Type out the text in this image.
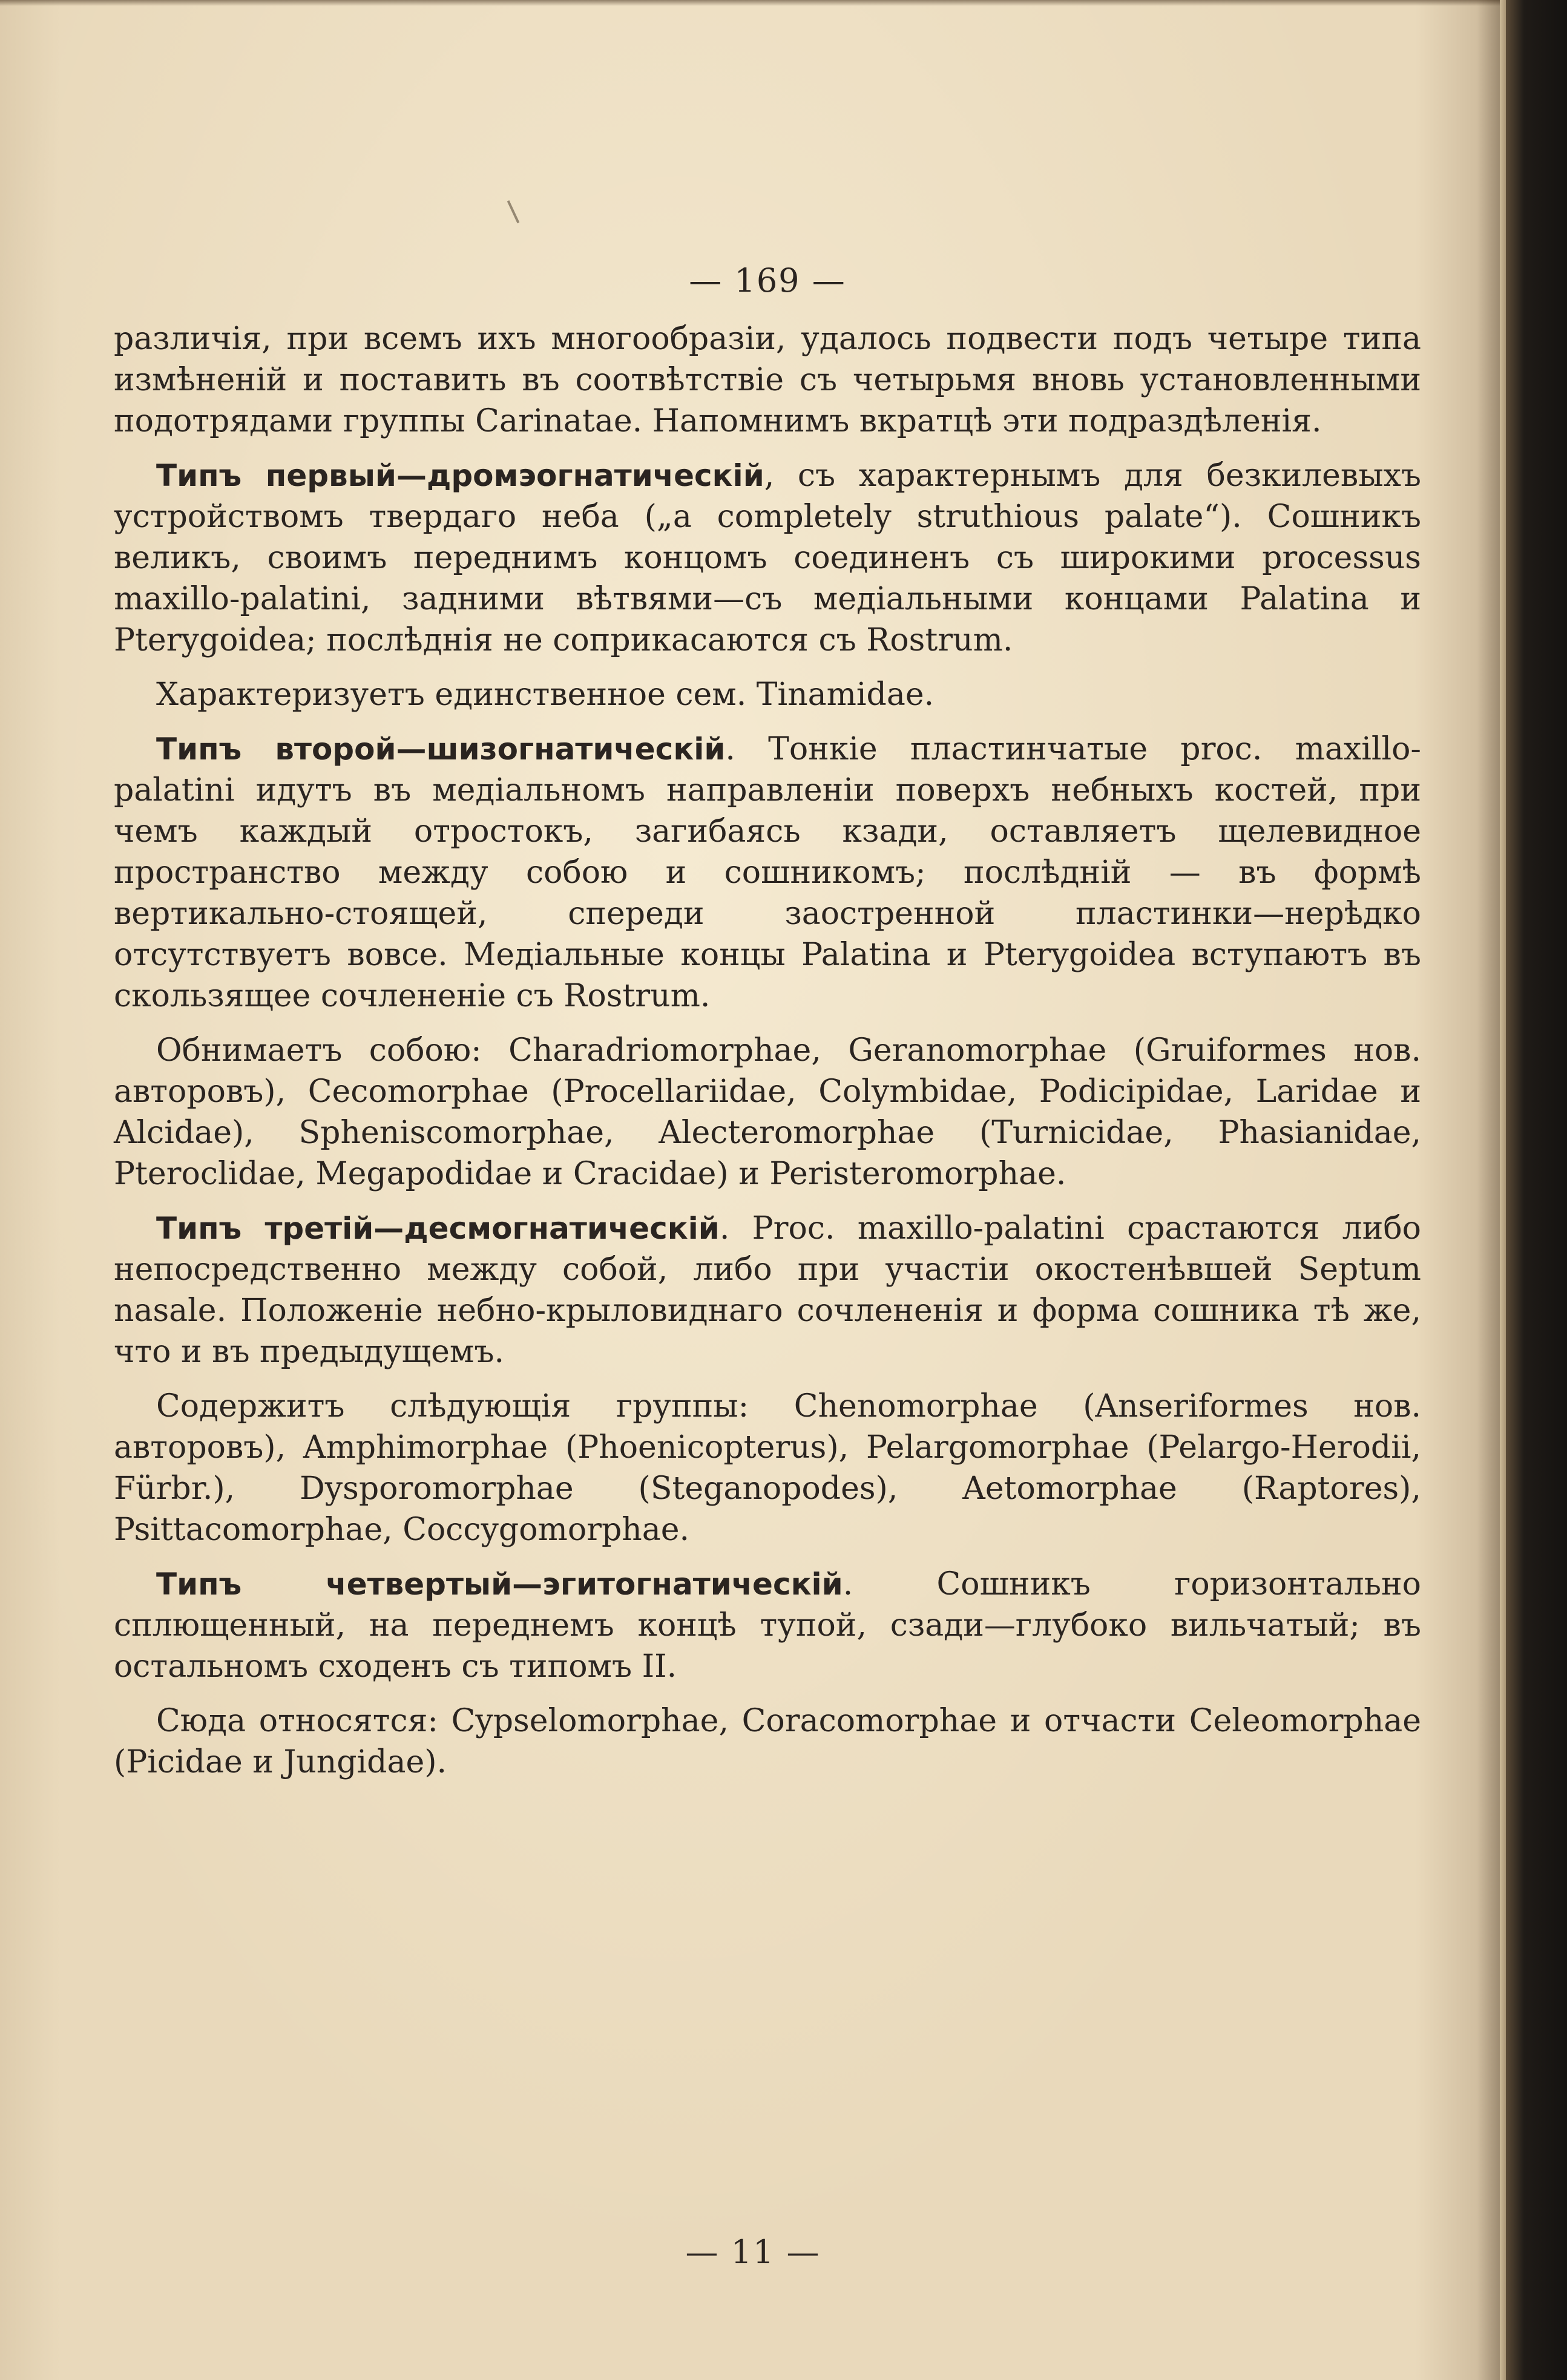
— 169 —

различія, при всемъ ихъ многообразіи, удалось подвести подъ четыре типа измѣненій и поставить въ соотвѣтствіе съ четырьмя вновь установленными подотрядами группы Carinatae. Напомнимъ вкратцѣ эти подраздѣленія.

Типъ первый—дромэогнатическій, съ характернымъ для безкилевыхъ устройствомъ твердаго неба („a completely struthious palate“). Сошникъ великъ, своимъ переднимъ концомъ соединенъ съ широкими processus maxillo-palatini, задними вѣтвями—съ медіальными концами Palatina и Pterygoidea; послѣднія не соприкасаются съ Rostrum.

Характеризуетъ единственное сем. Tinamidae.

Типъ второй—шизогнатическій. Тонкіе пластинчатые proc. maxillo-palatini идутъ въ медіальномъ направленіи поверхъ небныхъ костей, при чемъ каждый отростокъ, загибаясь кзади, оставляетъ щелевидное пространство между собою и сошникомъ; послѣдній — въ формѣ вертикально-стоящей, спереди заостренной пластинки—нерѣдко отсутствуетъ вовсе. Медіальные концы Palatina и Pterygoidea вступаютъ въ скользящее сочлененіе съ Rostrum.

Обнимаетъ собою: Charadriomorphae, Geranomorphae (Gruiformes нов. авторовъ), Cecomorphae (Procellariidae, Colymbidae, Podicipidae, Laridae и Alcidae), Spheniscomorphae, Alecteromorphae (Turnicidae, Phasianidae, Pteroclidae, Megapodidae и Cracidae) и Peristeromorphae.

Типъ третій—десмогнатическій. Proc. maxillo-palatini срастаются либо непосредственно между собой, либо при участіи окостенѣвшей Septum nasale. Положеніе небно-крыловиднаго сочлененія и форма сошника тѣ же, что и въ предыдущемъ.

Содержитъ слѣдующія группы: Chenomorphae (Anseriformes нов. авторовъ), Amphimorphae (Phoenicopterus), Pelargomorphae (Pelargo-Herodii, Fürbr.), Dysporomorphae (Steganopodes), Aetomorphae (Raptores), Psittacomorphae, Coccygomorphae.

Типъ четвертый—эгитогнатическій. Сошникъ горизонтально сплющенный, на переднемъ концѣ тупой, сзади—глубоко вильчатый; въ остальномъ сходенъ съ типомъ II.

Сюда относятся: Cypselomorphae, Coracomorphae и отчасти Celeomorphae (Picidae и Jungidae).

— 11 —
